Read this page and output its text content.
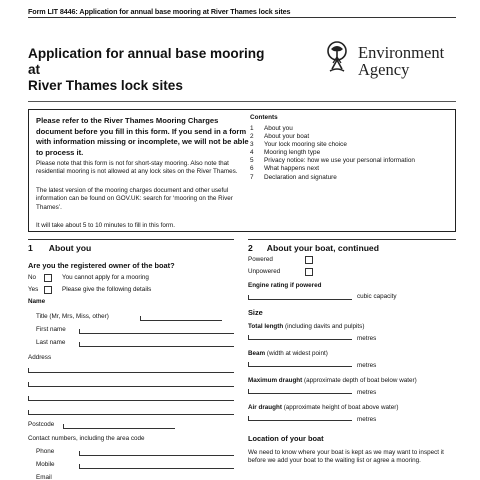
Form LIT 8446: Application for annual base mooring at River Thames lock sites
Application for annual base mooring at
River Thames lock sites
Environment
Agency
Please refer to the River Thames Mooring Charges document before you fill in this form. If you send in a form with information missing or incomplete, we will not be able to process it.
Please note that this form is not for short-stay mooring. Also note that residential mooring is not allowed at any lock sites on the River Thames.
The latest version of the mooring charges document and other useful information can be found on GOV.UK: search for ‘mooring on the River Thames’.
It will take about 5 to 10 minutes to fill in this form.
Contents
1	About you
2	About your boat
3	Your lock mooring site choice
4	Mooring length type
5	Privacy notice: how we use your personal information
6	What happens next
7	Declaration and signature
1 About you
Are you the registered owner of the boat?
No	You cannot apply for a mooring
Yes	Please give the following details
Name
Title (Mr, Mrs, Miss, other)
First name
Last name
Address
Postcode
Contact numbers, including the area code
Phone
Mobile
Email
2 About your boat, continued
Powered
Unpowered
Engine rating if powered
cubic capacity
Size
Total length (including davits and pulpits)
metres
Beam (width at widest point)
metres
Maximum draught (approximate depth of boat below water)
metres
Air draught (approximate height of boat above water)
metres
Location of your boat
We need to know where your boat is kept as we may want to inspect it before we add your boat to the waiting list or agree a mooring.
